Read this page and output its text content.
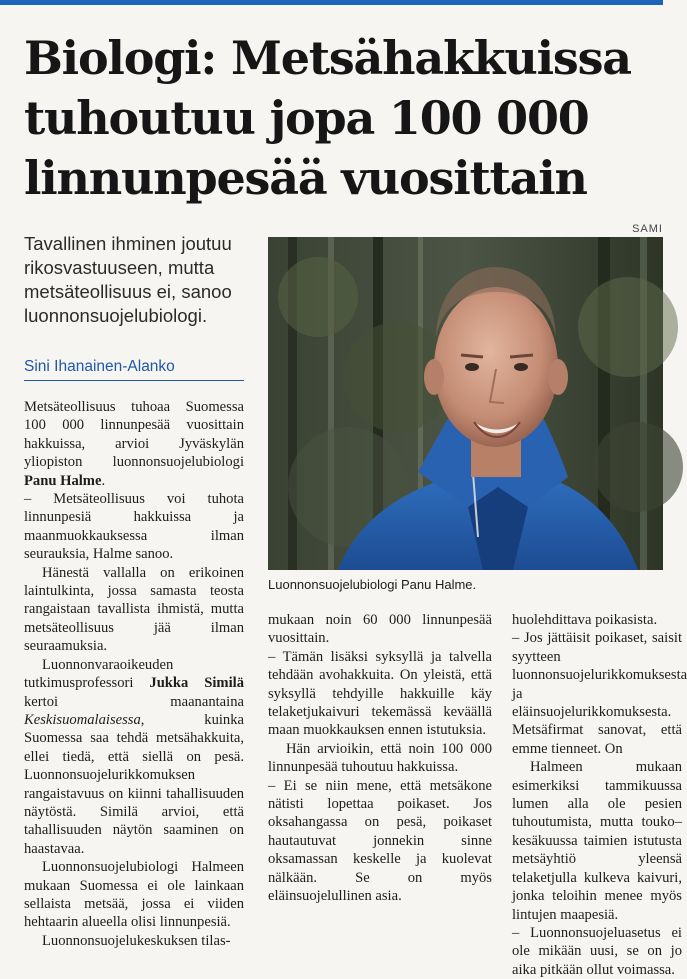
Biologi: Metsähakkuissa tuhoutuu jopa 100 000 linnunpesää vuosittain
SAMI

Tavallinen ihminen joutuu rikosvastuuseen, mutta metsäteollisuus ei, sanoo luonnonsuojelubiologi.

Sini Ihanainen-Alanko

Luonnonsuojelubiologi Panu Halme.

Metsäteollisuus tuhoaa Suomessa 100 000 linnunpesää vuosittain hakkuissa, arvioi Jyväskylän yliopiston luonnonsuojelubiologi Panu Halme.

– Metsäteollisuus voi tuhota linnunpesiä hakkuissa ja maanmuokkauksessa ilman seurauksia, Halme sanoo.

Hänestä vallalla on erikoinen laintulkinta, jossa samasta teosta rangaistaan tavallista ihmistä, mutta metsäteollisuus jää ilman seuraamuksia.

Luonnonvaraoikeuden tutkimusprofessori Jukka Similä kertoi maanantaina Keskisuomalaisessa, kuinka Suomessa saa tehdä metsähakkuita, ellei tiedä, että siellä on pesä. Luonnonsuojelurikkomuksen rangaistavuus on kiinni tahallisuuden näytöstä. Similä arvioi, että tahallisuuden näytön saaminen on haastavaa.

Luonnonsuojelubiologi Halmeen mukaan Suomessa ei ole lainkaan sellaista metsää, jossa ei viiden hehtaarin alueella olisi linnunpesiä.

Luonnonsuojelukeskuksen tilas-

mukaan noin 60 000 linnunpesää vuosittain.

– Tämän lisäksi syksyllä ja talvella tehdään avohakkuita. On yleistä, että syksyllä tehdyille hakkuille käy telaketjukaivuri tekemässä keväällä maan muokkauksen ennen istutuksia.

Hän arvioikin, että noin 100 000 linnunpesää tuhoutuu hakkuissa.

– Ei se niin mene, että metsäkone nätisti lopettaa poikaset. Jos oksahangassa on pesä, poikaset hautautuvat jonnekin sinne oksamassan keskelle ja kuolevat nälkään. Se on myös eläinsuojelullinen asia.

huolehdittava poikasista.

– Jos jättäisit poikaset, saisit syytteen luonnonsuojelurikkomuksesta ja eläinsuojelurikkomuksesta. Metsäfirmat sanovat, että emme tienneet. On

Halmeen mukaan esimerkiksi tammikuussa lumen alla ole pesien tuhoutumista, mutta touko–kesäkuussa taimien istutusta metsäyhtiö yleensä telaketjulla kulkeva kaivuri, jonka teloihin menee myös lintujen maapesiä.

– Luonnonsuojeluasetus ei ole mikään uusi, se on jo aika pitkään ollut voimassa.
